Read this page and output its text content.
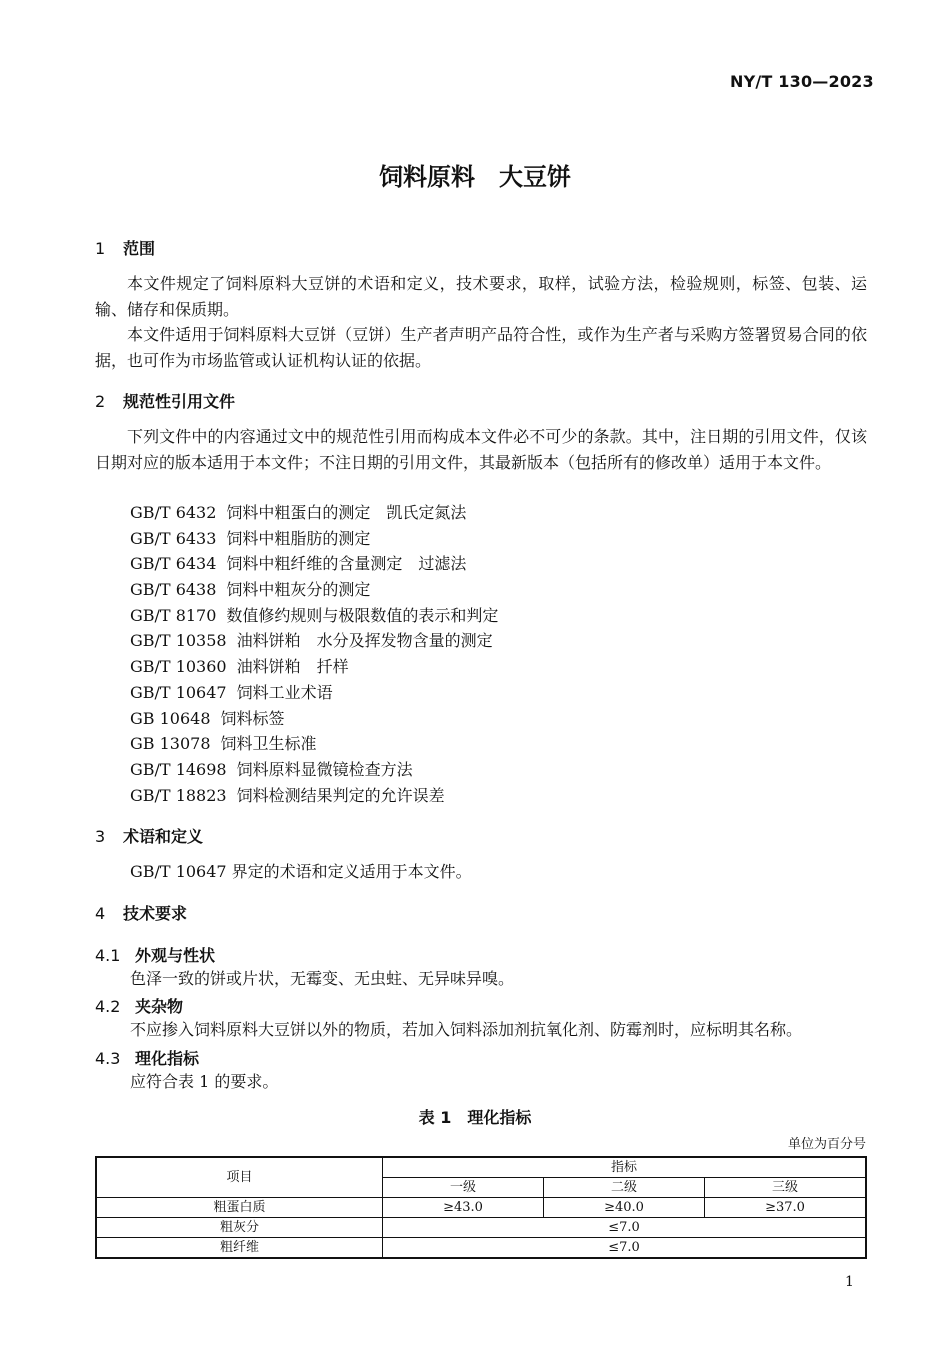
NY/T 130—2023
饲料原料　大豆饼
1 范围
本文件规定了饲料原料大豆饼的术语和定义，技术要求，取样，试验方法，检验规则，标签、包装、运输、储存和保质期。
本文件适用于饲料原料大豆饼（豆饼）生产者声明产品符合性，或作为生产者与采购方签署贸易合同的依据，也可作为市场监管或认证机构认证的依据。
2 规范性引用文件
下列文件中的内容通过文中的规范性引用而构成本文件必不可少的条款。其中，注日期的引用文件，仅该日期对应的版本适用于本文件；不注日期的引用文件，其最新版本（包括所有的修改单）适用于本文件。
GB/T 6432 饲料中粗蛋白的测定　凯氏定氮法
GB/T 6433 饲料中粗脂肪的测定
GB/T 6434 饲料中粗纤维的含量测定　过滤法
GB/T 6438 饲料中粗灰分的测定
GB/T 8170 数值修约规则与极限数值的表示和判定
GB/T 10358 油料饼粕　水分及挥发物含量的测定
GB/T 10360 油料饼粕　扦样
GB/T 10647 饲料工业术语
GB 10648 饲料标签
GB 13078 饲料卫生标准
GB/T 14698 饲料原料显微镜检查方法
GB/T 18823 饲料检测结果判定的允许误差
3 术语和定义
GB/T 10647 界定的术语和定义适用于本文件。
4 技术要求
4.1 外观与性状
色泽一致的饼或片状，无霉变、无虫蛀、无异味异嗅。
4.2 夹杂物
不应掺入饲料原料大豆饼以外的物质，若加入饲料添加剂抗氧化剂、防霉剂时，应标明其名称。
4.3 理化指标
应符合表 1 的要求。
表 1　理化指标
单位为百分号
项目	指标		
	一级	二级	三级
粗蛋白质	≥43.0	≥40.0	≥37.0
粗灰分	≤7.0		
粗纤维	≤7.0		
1
